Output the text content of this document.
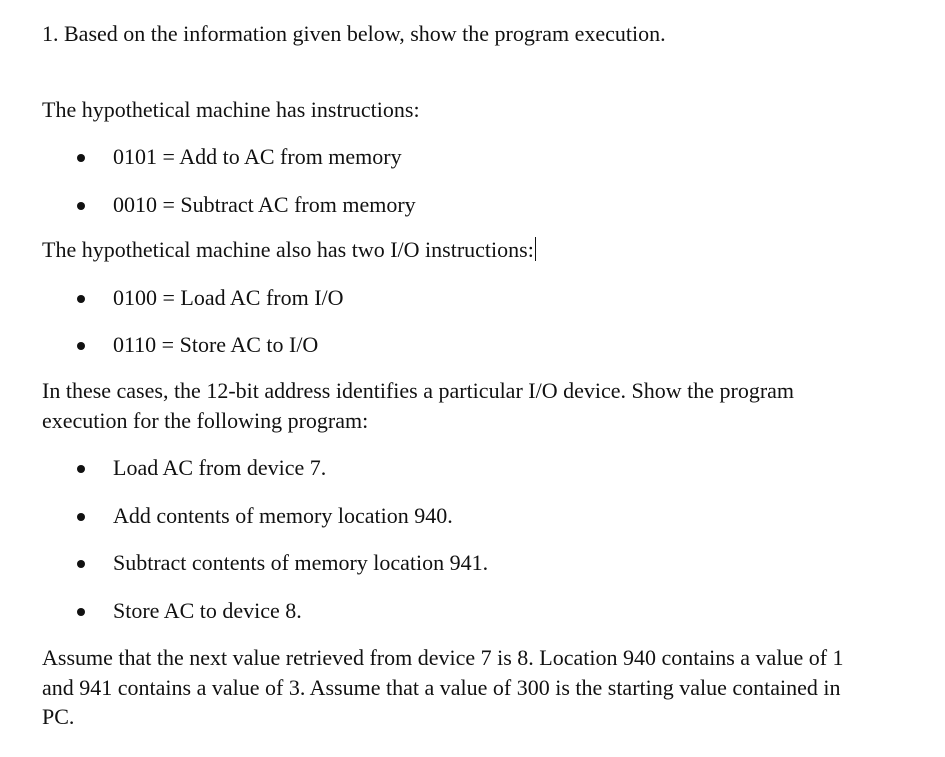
1. Based on the information given below, show the program execution.
The hypothetical machine has instructions:
0101 = Add to AC from memory
0010 = Subtract AC from memory
The hypothetical machine also has two I/O instructions:
0100 = Load AC from I/O
0110 = Store AC to I/O
In these cases, the 12-bit address identifies a particular I/O device. Show the program
execution for the following program:
Load AC from device 7.
Add contents of memory location 940.
Subtract contents of memory location 941.
Store AC to device 8.
Assume that the next value retrieved from device 7 is 8. Location 940 contains a value of 1
and 941 contains a value of 3. Assume that a value of 300 is the starting value contained in
PC.
